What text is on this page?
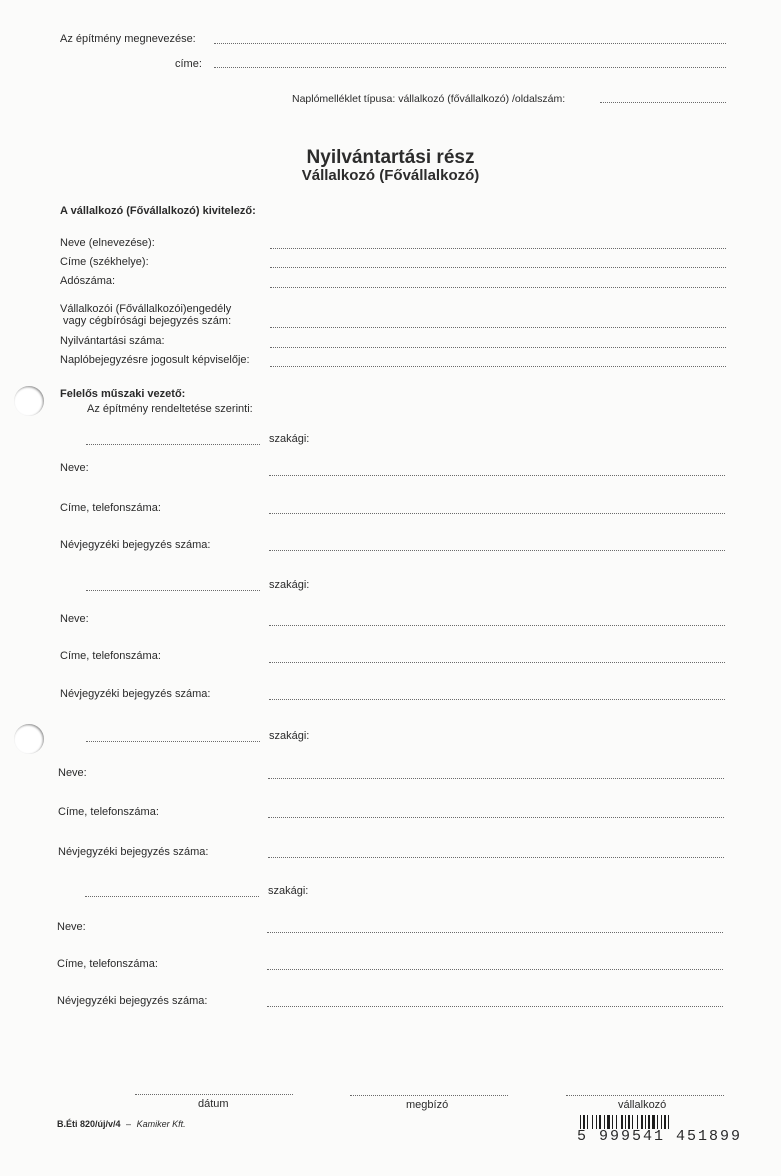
Az építmény megnevezése:
címe:
Naplómelléklet típusa: vállalkozó (fővállalkozó) /oldalszám:
Nyilvántartási rész
Vállalkozó (Fővállalkozó)
A vállalkozó (Fővállalkozó) kivitelező:
Neve (elnevezése):
Címe (székhelye):
Adószáma:
Vállalkozói (Fővállalkozói)engedély
vagy cégbírósági bejegyzés szám:
Nyilvántartási száma:
Naplóbejegyzésre jogosult képviselője:
Felelős műszaki vezető:
Az építmény rendeltetése szerinti:
szakági:
Neve:
Címe, telefonszáma:
Névjegyzéki bejegyzés száma:
szakági:
Neve:
Címe, telefonszáma:
Névjegyzéki bejegyzés száma:
szakági:
Neve:
Címe, telefonszáma:
Névjegyzéki bejegyzés száma:
szakági:
Neve:
Címe, telefonszáma:
Névjegyzéki bejegyzés száma:
dátum	megbízó	vállalkozó
B.Éti 820/új/v/4 – Kamiker Kft.
5 999541 451899
